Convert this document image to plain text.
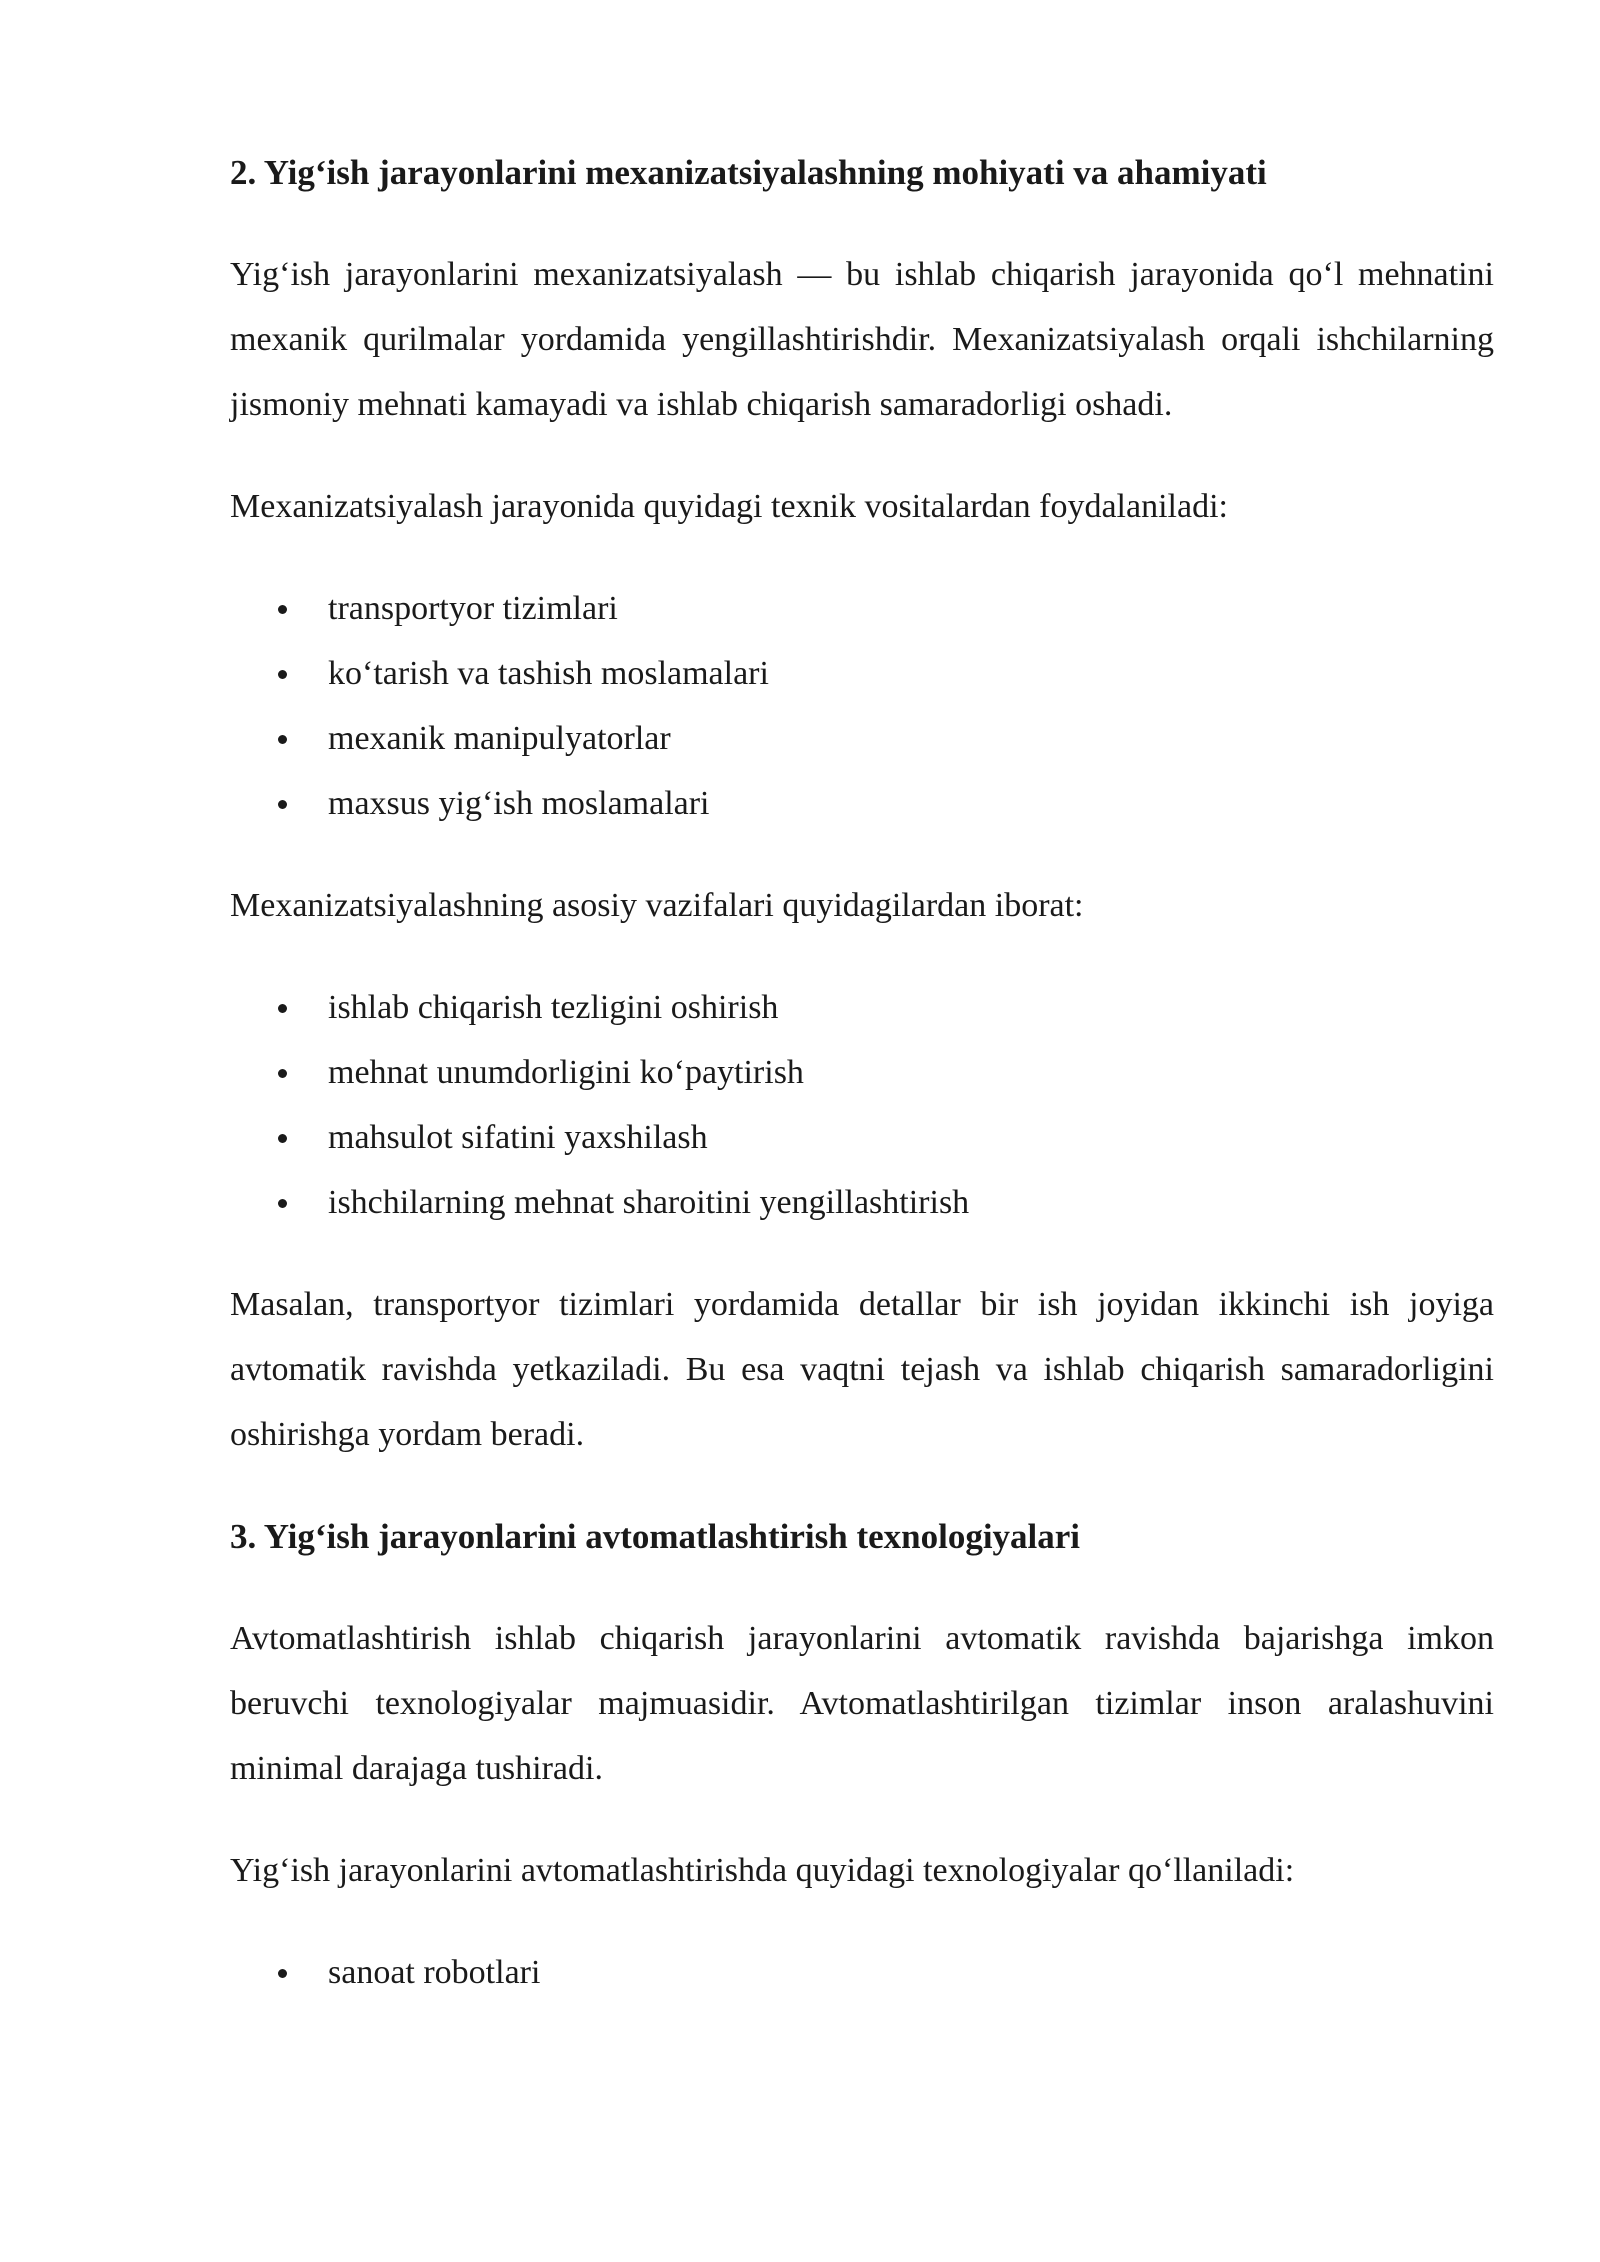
2. Yig‘ish jarayonlarini mexanizatsiyalashning mohiyati va ahamiyati

Yig‘ish jarayonlarini mexanizatsiyalash — bu ishlab chiqarish jarayonida qo‘l mehnatini mexanik qurilmalar yordamida yengillashtirishdir. Mexanizatsiyalash orqali ishchilarning jismoniy mehnati kamayadi va ishlab chiqarish samaradorligi oshadi.

Mexanizatsiyalash jarayonida quyidagi texnik vositalardan foydalaniladi:

transportyor tizimlari
ko‘tarish va tashish moslamalari
mexanik manipulyatorlar
maxsus yig‘ish moslamalari

Mexanizatsiyalashning asosiy vazifalari quyidagilardan iborat:

ishlab chiqarish tezligini oshirish
mehnat unumdorligini ko‘paytirish
mahsulot sifatini yaxshilash
ishchilarning mehnat sharoitini yengillashtirish

Masalan, transportyor tizimlari yordamida detallar bir ish joyidan ikkinchi ish joyiga avtomatik ravishda yetkaziladi. Bu esa vaqtni tejash va ishlab chiqarish samaradorligini oshirishga yordam beradi.

3. Yig‘ish jarayonlarini avtomatlashtirish texnologiyalari

Avtomatlashtirish ishlab chiqarish jarayonlarini avtomatik ravishda bajarishga imkon beruvchi texnologiyalar majmuasidir. Avtomatlashtirilgan tizimlar inson aralashuvini minimal darajaga tushiradi.

Yig‘ish jarayonlarini avtomatlashtirishda quyidagi texnologiyalar qo‘llaniladi:

sanoat robotlari
